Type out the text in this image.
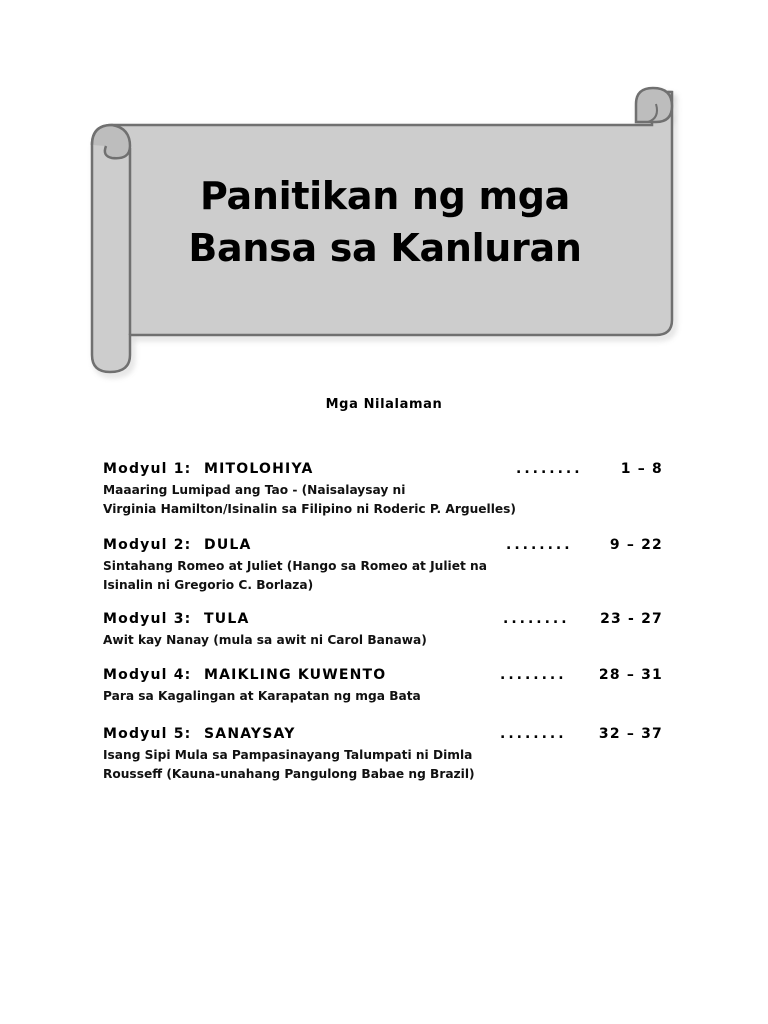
Panitikan ng mga
Bansa sa Kanluran
Mga Nilalaman
Modyul 1: MITOLOHIYA	........	1 – 8
Maaaring Lumipad ang Tao - (Naisalaysay ni
Virginia Hamilton/Isinalin sa Filipino ni Roderic P. Arguelles)
Modyul 2: DULA	........	9 – 22
Sintahang Romeo at Juliet (Hango sa Romeo at Juliet na
Isinalin ni Gregorio C. Borlaza)
Modyul 3: TULA	........ 23 - 27
Awit kay Nanay (mula sa awit ni Carol Banawa)
Modyul 4: MAIKLING KUWENTO	........ 28 – 31
Para sa Kagalingan at Karapatan ng mga Bata
Modyul 5: SANAYSAY	........ 32 – 37
Isang Sipi Mula sa Pampasinayang Talumpati ni Dimla
Rousseff (Kauna-unahang Pangulong Babae ng Brazil)
